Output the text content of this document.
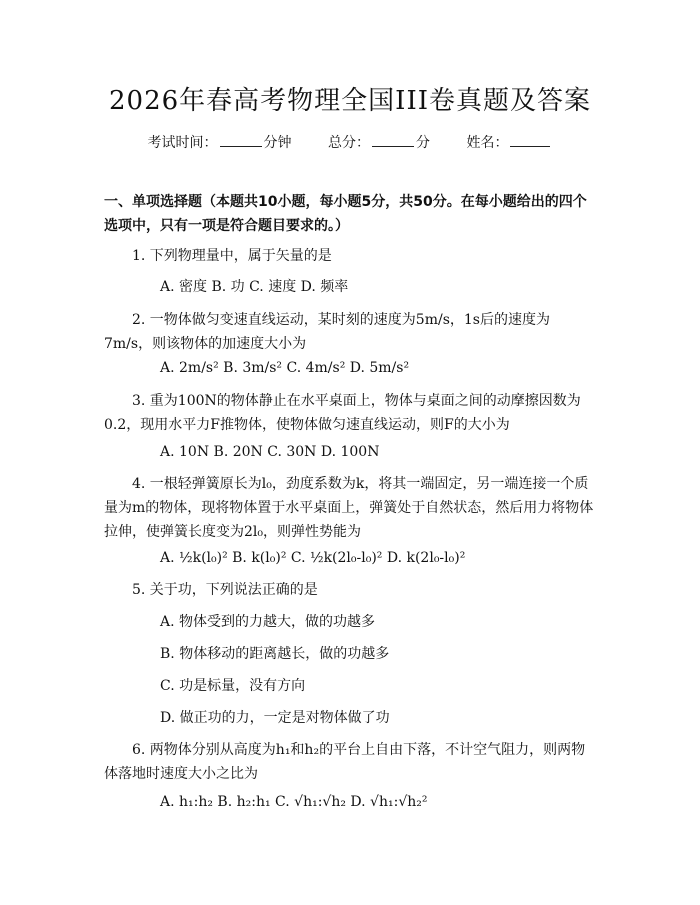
2026年春高考物理全国III卷真题及答案
考试时间：	分钟	总分：	分	姓名：
一、单项选择题（本题共10小题，每小题5分，共50分。在每小题给出的四个选项中，只有一项是符合题目要求的。）
1. 下列物理量中，属于矢量的是
A. 密度 B. 功 C. 速度 D. 频率
2. 一物体做匀变速直线运动，某时刻的速度为5m/s，1s后的速度为7m/s，则该物体的加速度大小为
A. 2m/s² B. 3m/s² C. 4m/s² D. 5m/s²
3. 重为100N的物体静止在水平桌面上，物体与桌面之间的动摩擦因数为0.2，现用水平力F推物体，使物体做匀速直线运动，则F的大小为
A. 10N B. 20N C. 30N D. 100N
4. 一根轻弹簧原长为l₀，劲度系数为k，将其一端固定，另一端连接一个质量为m的物体，现将物体置于水平桌面上，弹簧处于自然状态，然后用力将物体拉伸，使弹簧长度变为2l₀，则弹性势能为
A. ½k(l₀)² B. k(l₀)² C. ½k(2l₀-l₀)² D. k(2l₀-l₀)²
5. 关于功，下列说法正确的是
A. 物体受到的力越大，做的功越多
B. 物体移动的距离越长，做的功越多
C. 功是标量，没有方向
D. 做正功的力，一定是对物体做了功
6. 两物体分别从高度为h₁和h₂的平台上自由下落，不计空气阻力，则两物体落地时速度大小之比为
A. h₁:h₂ B. h₂:h₁ C. √h₁:√h₂ D. √h₁:√h₂²
